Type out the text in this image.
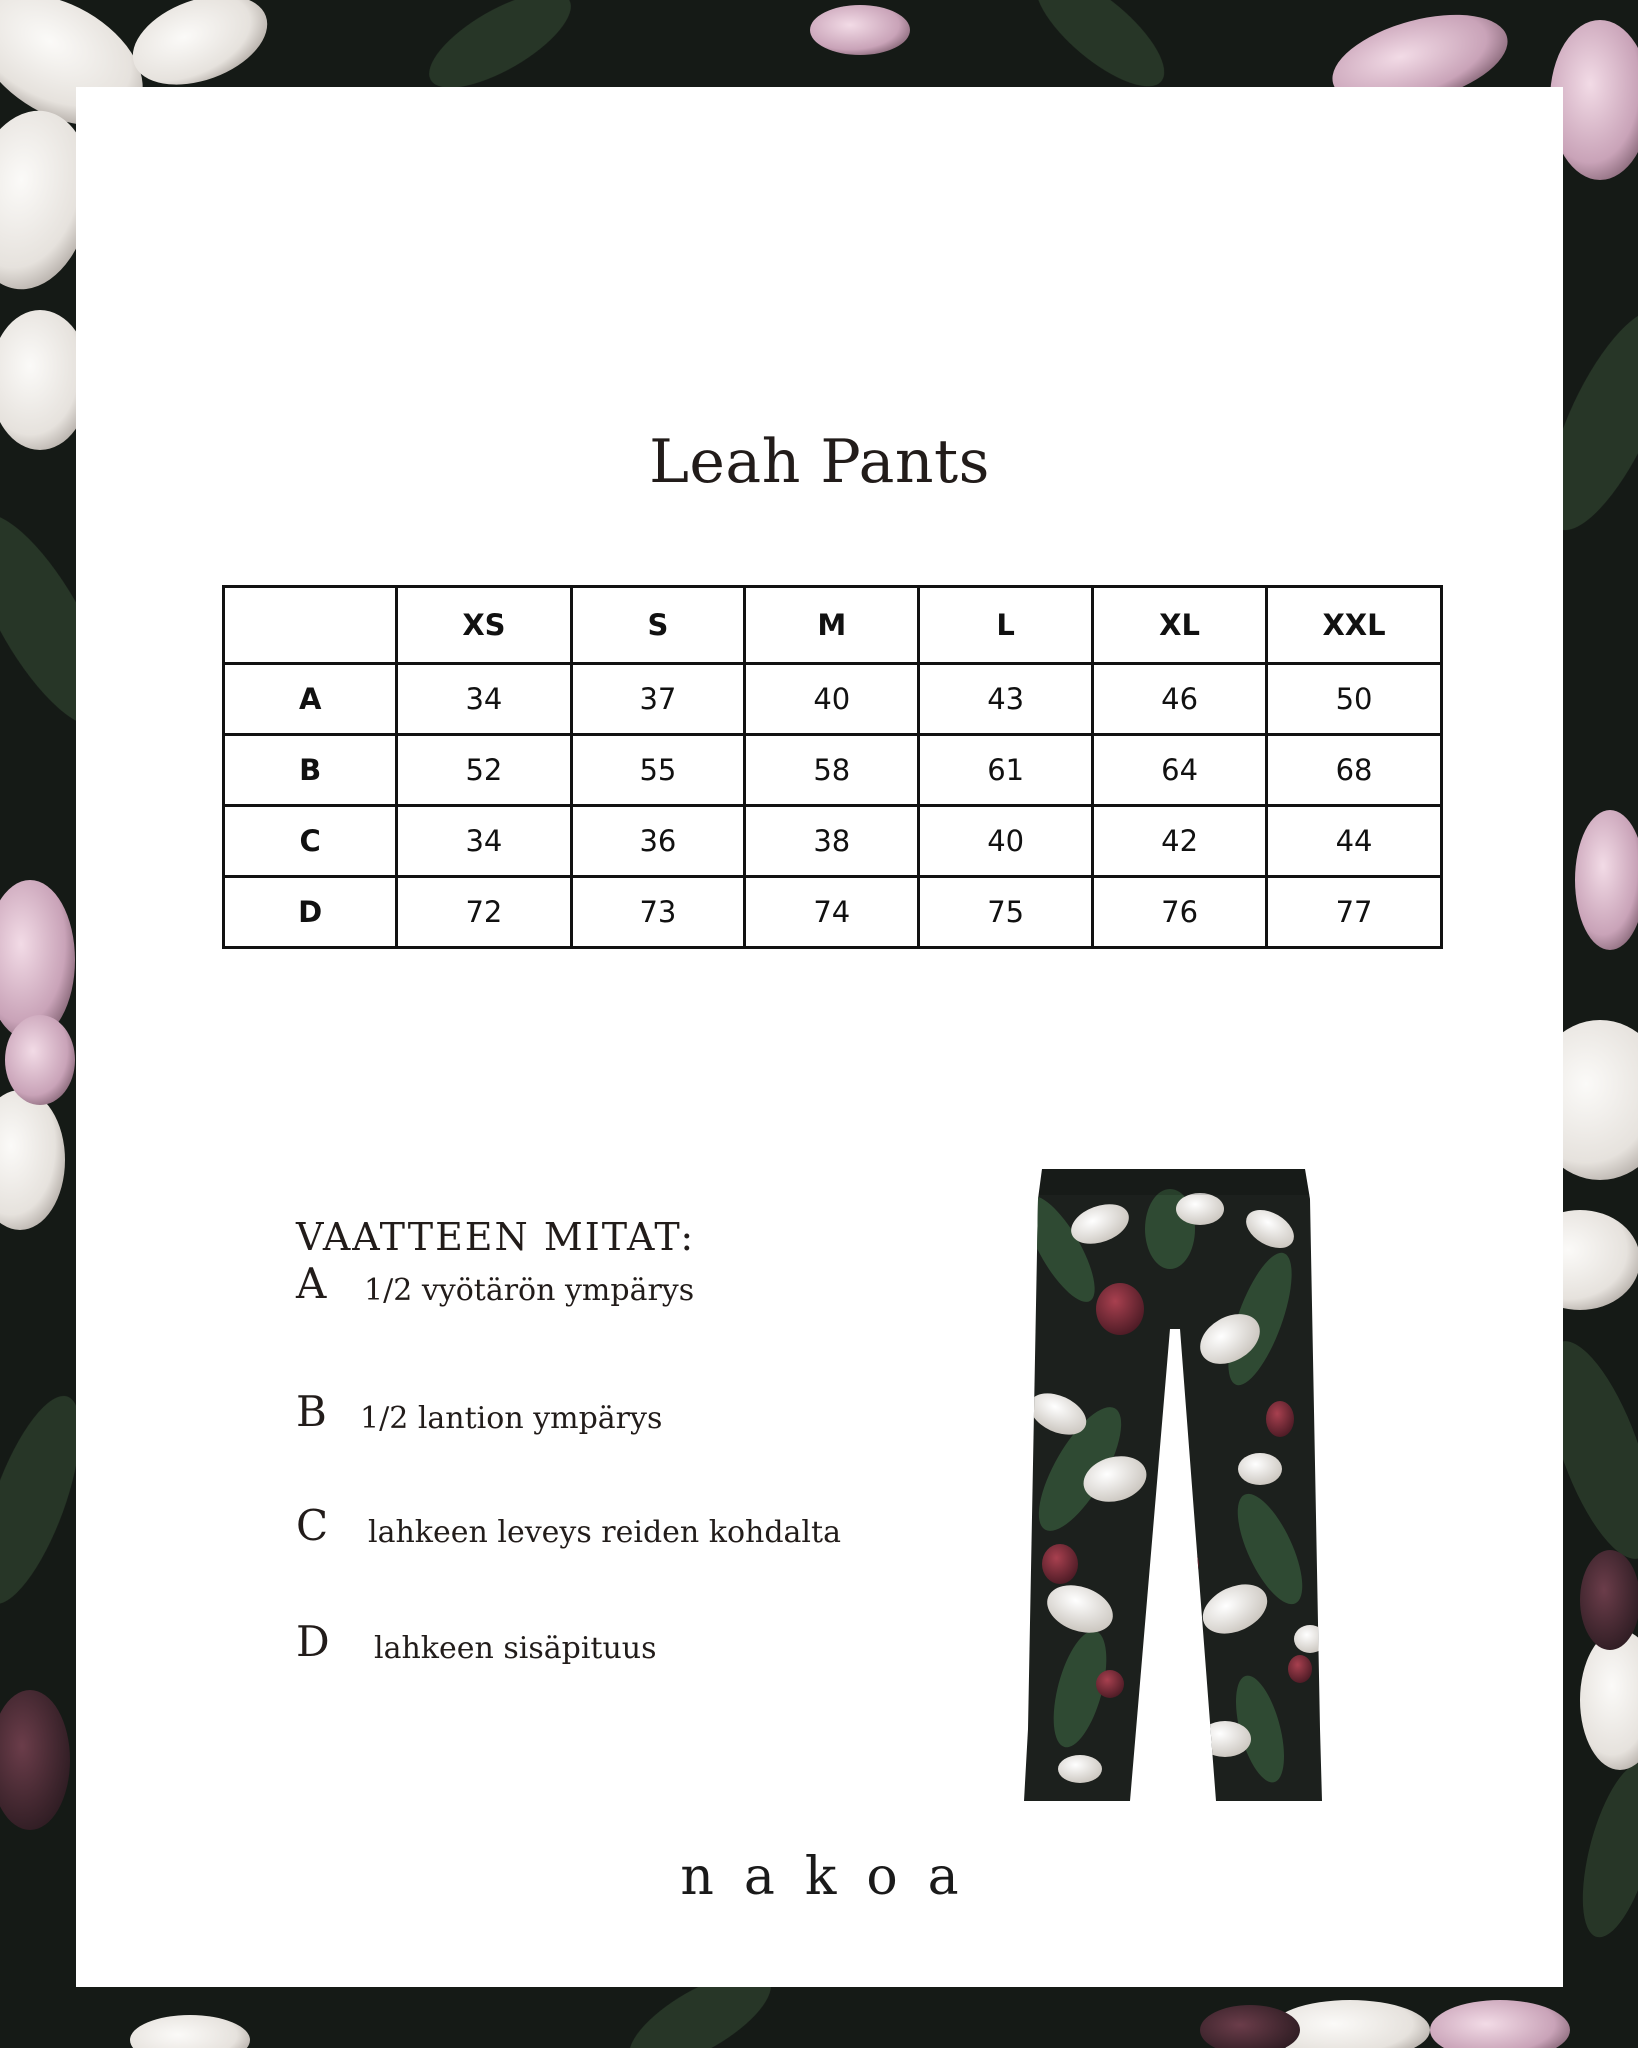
Leah Pants
	XS	S	M	L	XL	XXL
A	34	37	40	43	46	50
B	52	55	58	61	64	68
C	34	36	38	40	42	44
D	72	73	74	75	76	77
VAATTEEN MITAT:
A 1/2 vyötärön ympärys
B 1/2 lantion ympärys
C lahkeen leveys reiden kohdalta
D lahkeen sisäpituus
nakoa
